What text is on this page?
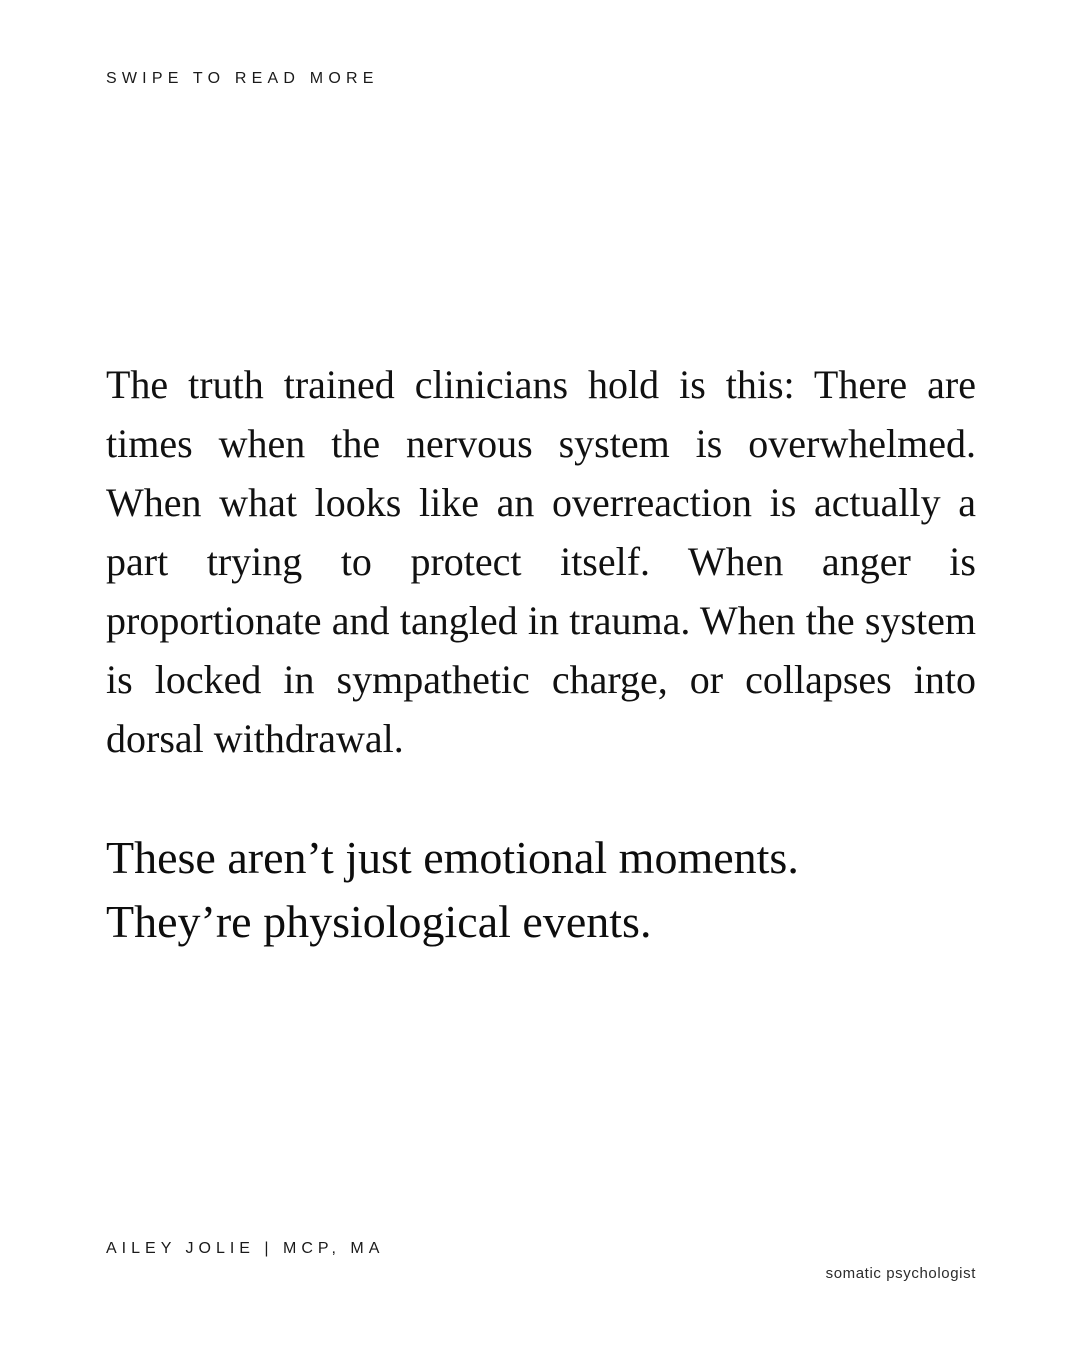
SWIPE TO READ MORE

The truth trained clinicians hold is this: There are times when the nervous system is overwhelmed. When what looks like an overreaction is actually a part trying to protect itself. When anger is proportionate and tangled in trauma. When the system is locked in sympathetic charge, or collapses into dorsal withdrawal.

These aren’t just emotional moments.
They’re physiological events.

AILEY JOLIE | MCP, MA
somatic psychologist
